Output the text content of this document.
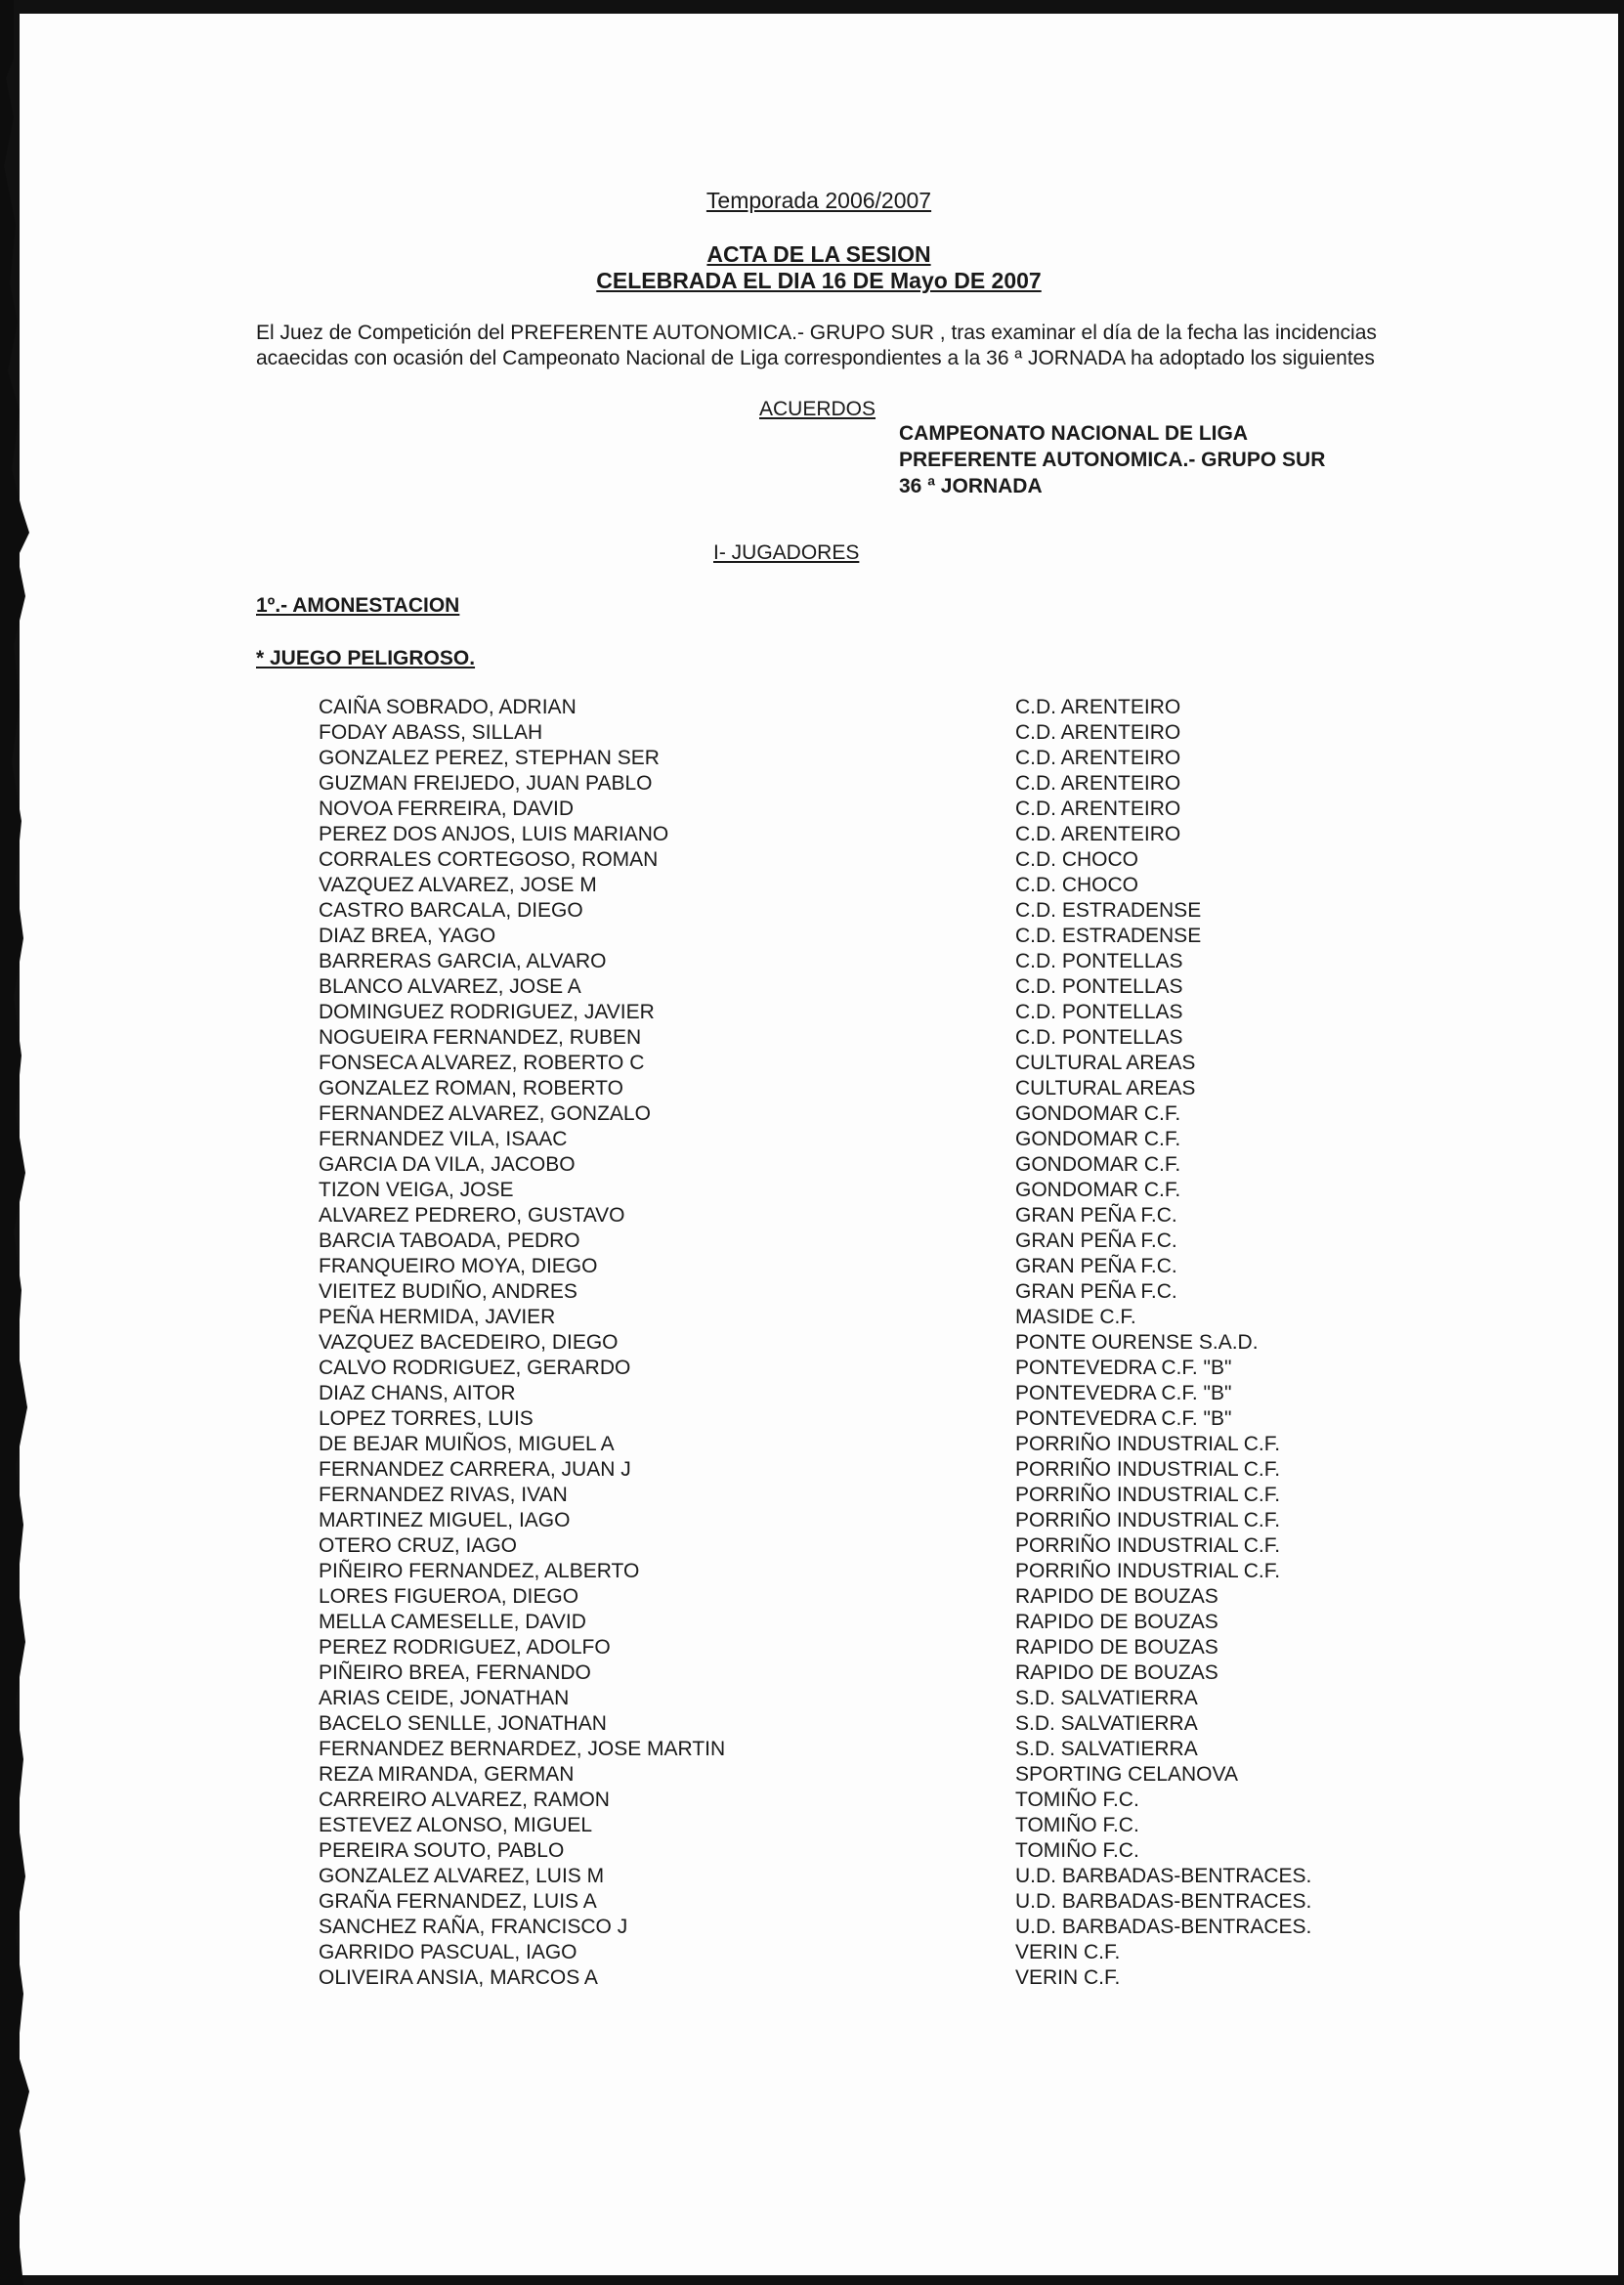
Temporada 2006/2007
ACTA DE LA SESION
CELEBRADA EL DIA 16 DE Mayo DE 2007
El Juez de Competición del PREFERENTE AUTONOMICA.- GRUPO SUR , tras examinar el día de la fecha las incidencias
acaecidas con ocasión del Campeonato Nacional de Liga correspondientes a la 36 ª JORNADA ha adoptado los siguientes
ACUERDOS
CAMPEONATO NACIONAL DE LIGA
PREFERENTE AUTONOMICA.- GRUPO SUR
36 ª JORNADA
I- JUGADORES
1º.- AMONESTACION
* JUEGO PELIGROSO.
CAIÑA SOBRADO, ADRIAN	C.D. ARENTEIRO
FODAY ABASS, SILLAH	C.D. ARENTEIRO
GONZALEZ PEREZ, STEPHAN SER	C.D. ARENTEIRO
GUZMAN FREIJEDO, JUAN PABLO	C.D. ARENTEIRO
NOVOA FERREIRA, DAVID	C.D. ARENTEIRO
PEREZ DOS ANJOS, LUIS MARIANO	C.D. ARENTEIRO
CORRALES CORTEGOSO, ROMAN	C.D. CHOCO
VAZQUEZ ALVAREZ, JOSE M	C.D. CHOCO
CASTRO BARCALA, DIEGO	C.D. ESTRADENSE
DIAZ BREA, YAGO	C.D. ESTRADENSE
BARRERAS GARCIA, ALVARO	C.D. PONTELLAS
BLANCO ALVAREZ, JOSE A	C.D. PONTELLAS
DOMINGUEZ RODRIGUEZ, JAVIER	C.D. PONTELLAS
NOGUEIRA FERNANDEZ, RUBEN	C.D. PONTELLAS
FONSECA ALVAREZ, ROBERTO C	CULTURAL AREAS
GONZALEZ ROMAN, ROBERTO	CULTURAL AREAS
FERNANDEZ ALVAREZ, GONZALO	GONDOMAR C.F.
FERNANDEZ VILA, ISAAC	GONDOMAR C.F.
GARCIA DA VILA, JACOBO	GONDOMAR C.F.
TIZON VEIGA, JOSE	GONDOMAR C.F.
ALVAREZ PEDRERO, GUSTAVO	GRAN PEÑA F.C.
BARCIA TABOADA, PEDRO	GRAN PEÑA F.C.
FRANQUEIRO MOYA, DIEGO	GRAN PEÑA F.C.
VIEITEZ BUDIÑO, ANDRES	GRAN PEÑA F.C.
PEÑA HERMIDA, JAVIER	MASIDE C.F.
VAZQUEZ BACEDEIRO, DIEGO	PONTE OURENSE S.A.D.
CALVO RODRIGUEZ, GERARDO	PONTEVEDRA C.F. "B"
DIAZ CHANS, AITOR	PONTEVEDRA C.F. "B"
LOPEZ TORRES, LUIS	PONTEVEDRA C.F. "B"
DE BEJAR MUIÑOS, MIGUEL A	PORRIÑO INDUSTRIAL C.F.
FERNANDEZ CARRERA, JUAN J	PORRIÑO INDUSTRIAL C.F.
FERNANDEZ RIVAS, IVAN	PORRIÑO INDUSTRIAL C.F.
MARTINEZ MIGUEL, IAGO	PORRIÑO INDUSTRIAL C.F.
OTERO CRUZ, IAGO	PORRIÑO INDUSTRIAL C.F.
PIÑEIRO FERNANDEZ, ALBERTO	PORRIÑO INDUSTRIAL C.F.
LORES FIGUEROA, DIEGO	RAPIDO DE BOUZAS
MELLA CAMESELLE, DAVID	RAPIDO DE BOUZAS
PEREZ RODRIGUEZ, ADOLFO	RAPIDO DE BOUZAS
PIÑEIRO BREA, FERNANDO	RAPIDO DE BOUZAS
ARIAS CEIDE, JONATHAN	S.D. SALVATIERRA
BACELO SENLLE, JONATHAN	S.D. SALVATIERRA
FERNANDEZ BERNARDEZ, JOSE MARTIN	S.D. SALVATIERRA
REZA MIRANDA, GERMAN	SPORTING CELANOVA
CARREIRO ALVAREZ, RAMON	TOMIÑO F.C.
ESTEVEZ ALONSO, MIGUEL	TOMIÑO F.C.
PEREIRA SOUTO, PABLO	TOMIÑO F.C.
GONZALEZ ALVAREZ, LUIS M	U.D. BARBADAS-BENTRACES.
GRAÑA FERNANDEZ, LUIS A	U.D. BARBADAS-BENTRACES.
SANCHEZ RAÑA, FRANCISCO J	U.D. BARBADAS-BENTRACES.
GARRIDO PASCUAL, IAGO	VERIN C.F.
OLIVEIRA ANSIA, MARCOS A	VERIN C.F.
